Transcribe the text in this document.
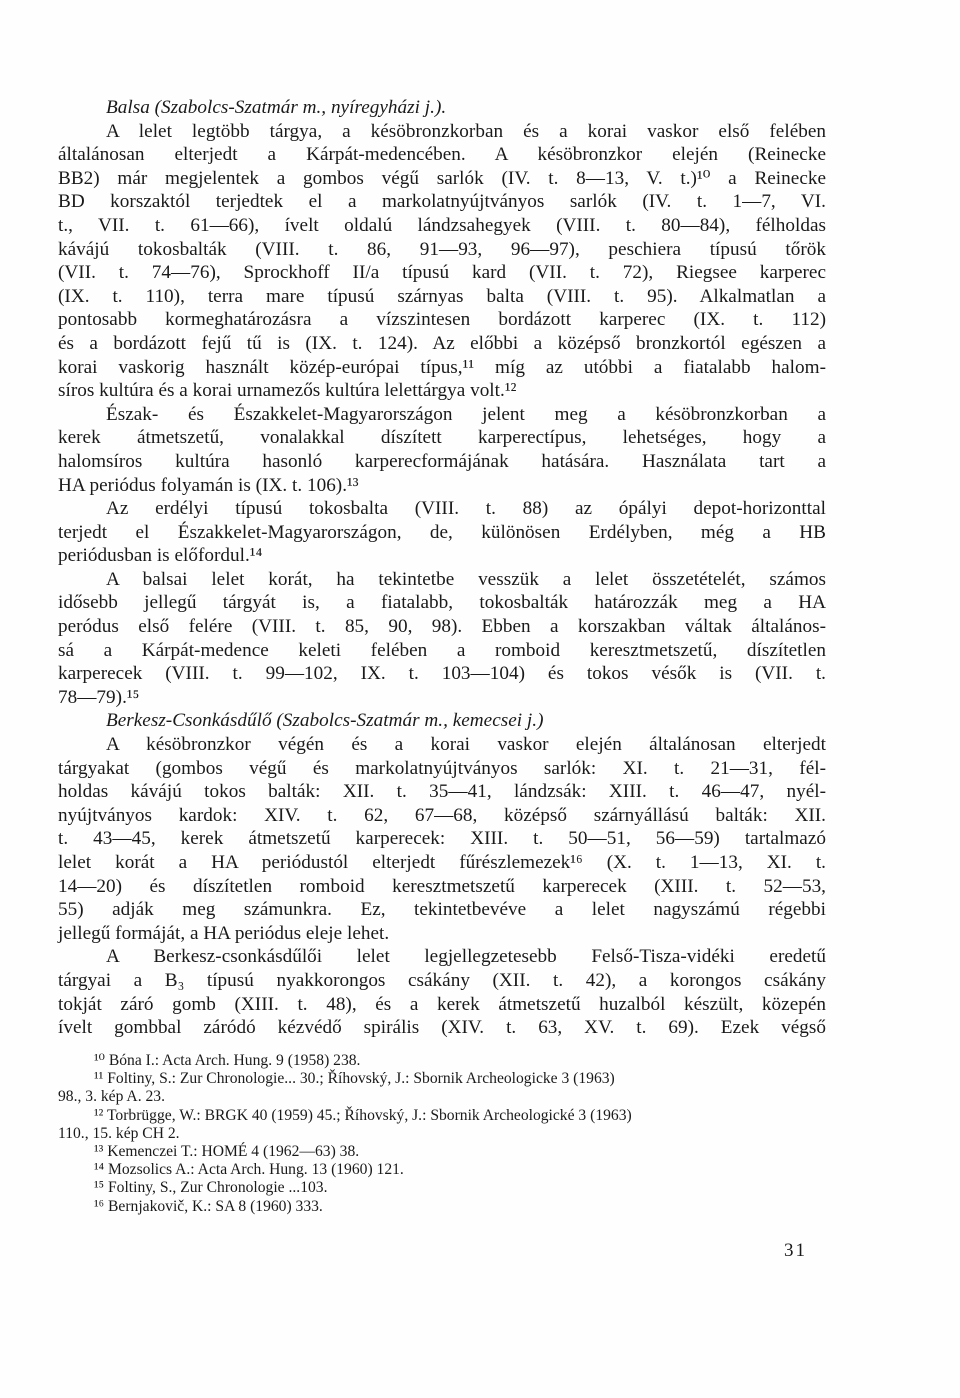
Balsa (Szabolcs-Szatmár m., nyíregyházi j.).
A lelet legtöbb tárgya, a késöbronzkorban és a korai vaskor első felében
általánosan elterjedt a Kárpát-medencében. A késöbronzkor elején (Reinecke
BB2) már megjelentek a gombos végű sarlók (IV. t. 8—13, V. t.)¹⁰ a Reinecke
BD korszaktól terjedtek el a markolatnyújtványos sarlók (IV. t. 1—7, VI.
t., VII. t. 61—66), ívelt oldalú lándzsahegyek (VIII. t. 80—84), félholdas
kávájú tokosbalták (VIII. t. 86, 91—93, 96—97), peschiera típusú tőrök
(VII. t. 74—76), Sprockhoff II/a típusú kard (VII. t. 72), Riegsee karperec
(IX. t. 110), terra mare típusú szárnyas balta (VIII. t. 95). Alkalmatlan a
pontosabb kormeghatározásra a vízszintesen bordázott karperec (IX. t. 112)
és a bordázott fejű tű is (IX. t. 124). Az előbbi a középső bronzkortól egészen a
korai vaskorig használt közép-európai típus,¹¹ míg az utóbbi a fiatalabb halom-
síros kultúra és a korai urnamezős kultúra lelettárgya volt.¹²
Észak- és Északkelet-Magyarországon jelent meg a késöbronzkorban a
kerek átmetszetű, vonalakkal díszített karperectípus, lehetséges, hogy a
halomsíros kultúra hasonló karperecformájának hatására. Használata tart a
HA periódus folyamán is (IX. t. 106).¹³
Az erdélyi típusú tokosbalta (VIII. t. 88) az ópályi depot-horizonttal
terjedt el Északkelet-Magyarországon, de, különösen Erdélyben, még a HB
periódusban is előfordul.¹⁴
A balsai lelet korát, ha tekintetbe vesszük a lelet összetételét, számos
idősebb jellegű tárgyát is, a fiatalabb, tokosbalták határozzák meg a HA
peródus első felére (VIII. t. 85, 90, 98). Ebben a korszakban váltak általános-
sá a Kárpát-medence keleti felében a romboid keresztmetszetű, díszítetlen
karperecek (VIII. t. 99—102, IX. t. 103—104) és tokos vésők is (VII. t.
78—79).¹⁵
Berkesz-Csonkásdűlő (Szabolcs-Szatmár m., kemecsei j.)
A késöbronzkor végén és a korai vaskor elején általánosan elterjedt
tárgyakat (gombos végű és markolatnyújtványos sarlók: XI. t. 21—31, fél-
holdas kávájú tokos balták: XII. t. 35—41, lándzsák: XIII. t. 46—47, nyél-
nyújtványos kardok: XIV. t. 62, 67—68, középső szárnyállású balták: XII.
t. 43—45, kerek átmetszetű karperecek: XIII. t. 50—51, 56—59) tartalmazó
lelet korát a HA periódustól elterjedt fűrészlemezek¹⁶ (X. t. 1—13, XI. t.
14—20) és díszítetlen romboid keresztmetszetű karperecek (XIII. t. 52—53,
55) adják meg számunkra. Ez, tekintetbevéve a lelet nagyszámú régebbi
jellegű formáját, a HA periódus eleje lehet.
A Berkesz-csonkásdűlői lelet legjellegzetesebb Felső-Tisza-vidéki eredetű
tárgyai a B₃ típusú nyakkorongos csákány (XII. t. 42), a korongos csákány
tokját záró gomb (XIII. t. 48), és a kerek átmetszetű huzalból készült, közepén
ívelt gombbal záródó kézvédő spirális (XIV. t. 63, XV. t. 69). Ezek végső
¹⁰ Bóna I.: Acta Arch. Hung. 9 (1958) 238.
¹¹ Foltiny, S.: Zur Chronologie... 30.; Říhovský, J.: Sbornik Archeologicke 3 (1963)
98., 3. kép A. 23.
¹² Torbrügge, W.: BRGK 40 (1959) 45.; Říhovský, J.: Sbornik Archeologické 3 (1963)
110., 15. kép CH 2.
¹³ Kemenczei T.: HOMÉ 4 (1962—63) 38.
¹⁴ Mozsolics A.: Acta Arch. Hung. 13 (1960) 121.
¹⁵ Foltiny, S., Zur Chronologie ...103.
¹⁶ Bernjakovič, K.: SA 8 (1960) 333.
31
